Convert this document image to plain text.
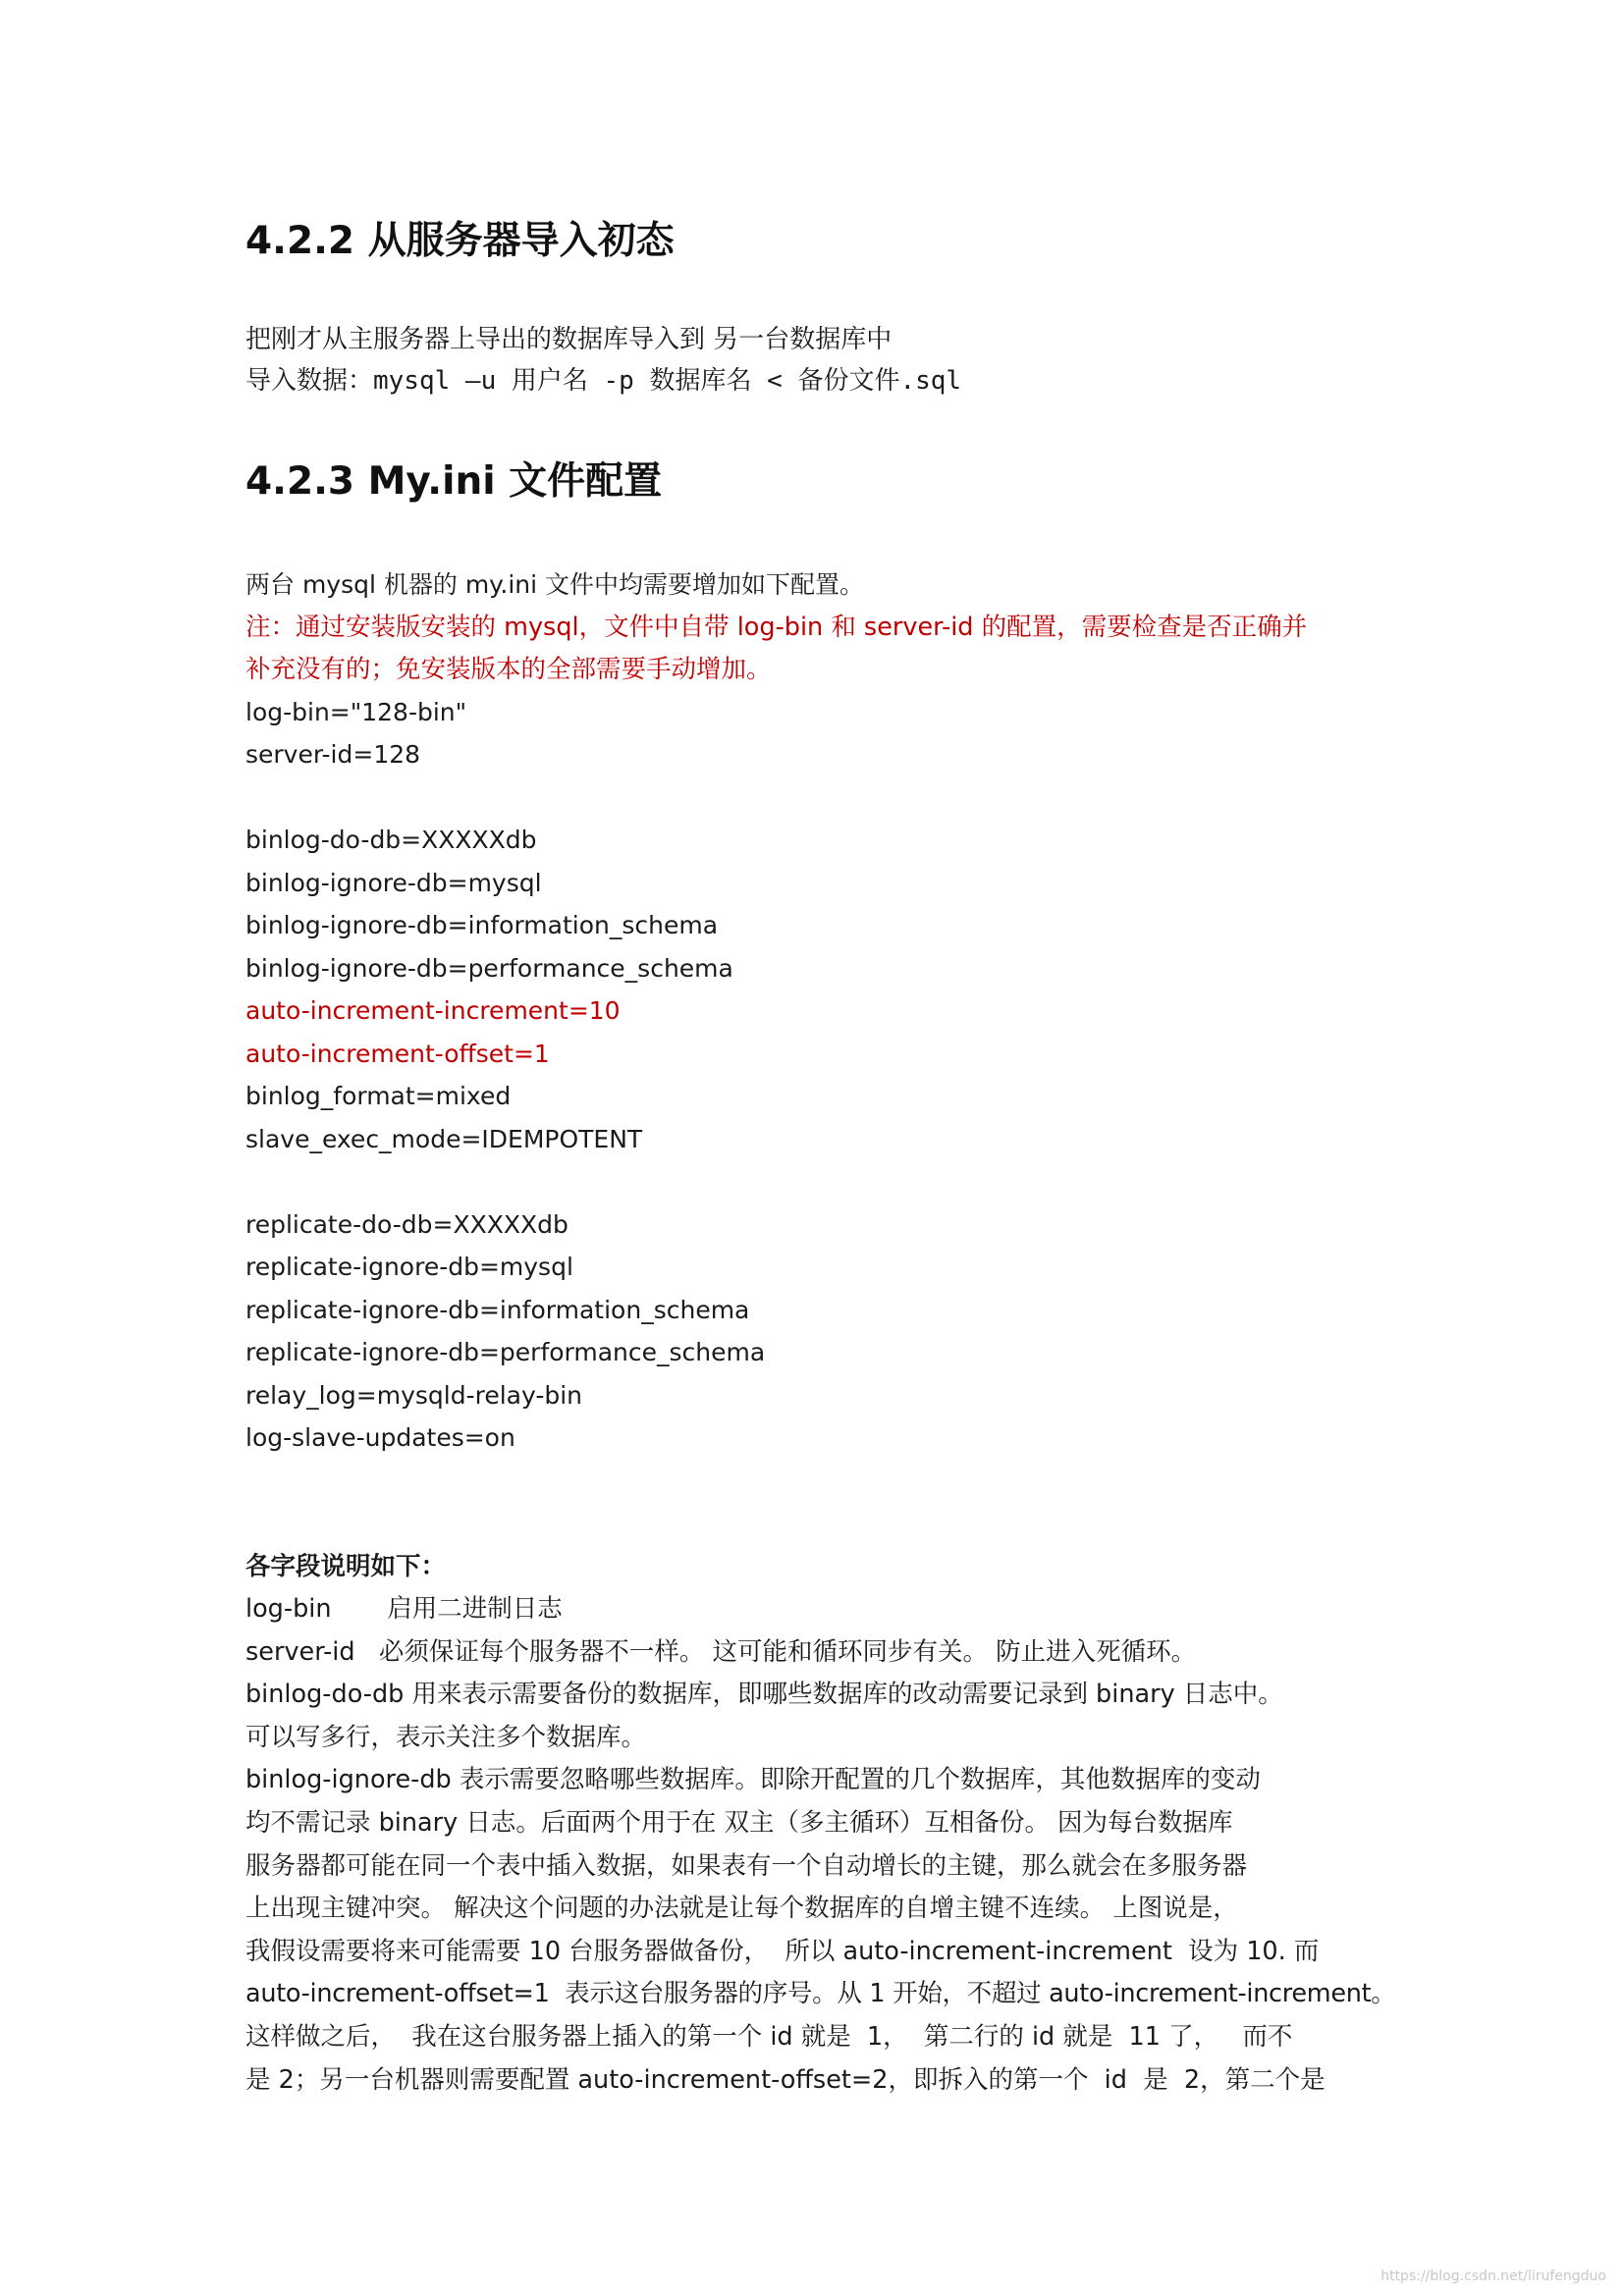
4.2.2 从服务器导入初态

把刚才从主服务器上导出的数据库导入到 另一台数据库中

导入数据：mysql –u 用户名 -p 数据库名 < 备份文件.sql

4.2.3 My.ini 文件配置

两台 mysql 机器的 my.ini 文件中均需要增加如下配置。

注：通过安装版安装的 mysql，文件中自带 log-bin 和 server-id 的配置，需要检查是否正确并

补充没有的；免安装版本的全部需要手动增加。

log-bin="128-bin"

server-id=128

binlog-do-db=XXXXXdb

binlog-ignore-db=mysql

binlog-ignore-db=information_schema

binlog-ignore-db=performance_schema

auto-increment-increment=10

auto-increment-offset=1

binlog_format=mixed

slave_exec_mode=IDEMPOTENT

replicate-do-db=XXXXXdb

replicate-ignore-db=mysql

replicate-ignore-db=information_schema

replicate-ignore-db=performance_schema

relay_log=mysqld-relay-bin

log-slave-updates=on

各字段说明如下：

log-bin       启用二进制日志
server-id   必须保证每个服务器不一样。 这可能和循环同步有关。 防止进入死循环。
binlog-do-db 用来表示需要备份的数据库，即哪些数据库的改动需要记录到 binary 日志中。
可以写多行，表示关注多个数据库。
binlog-ignore-db 表示需要忽略哪些数据库。即除开配置的几个数据库，其他数据库的变动
均不需记录 binary 日志。后面两个用于在 双主（多主循环）互相备份。 因为每台数据库
服务器都可能在同一个表中插入数据，如果表有一个自动增长的主键，那么就会在多服务器
上出现主键冲突。 解决这个问题的办法就是让每个数据库的自增主键不连续。 上图说是，
我假设需要将来可能需要 10 台服务器做备份，  所以 auto-increment-increment  设为 10. 而
auto-increment-offset=1  表示这台服务器的序号。从 1 开始，不超过 auto-increment-increment。
这样做之后，  我在这台服务器上插入的第一个 id 就是  1，  第二行的 id 就是  11 了，   而不
是 2；另一台机器则需要配置 auto-increment-offset=2，即拆入的第一个  id  是  2，第二个是
https://blog.csdn.net/lirufengduo
